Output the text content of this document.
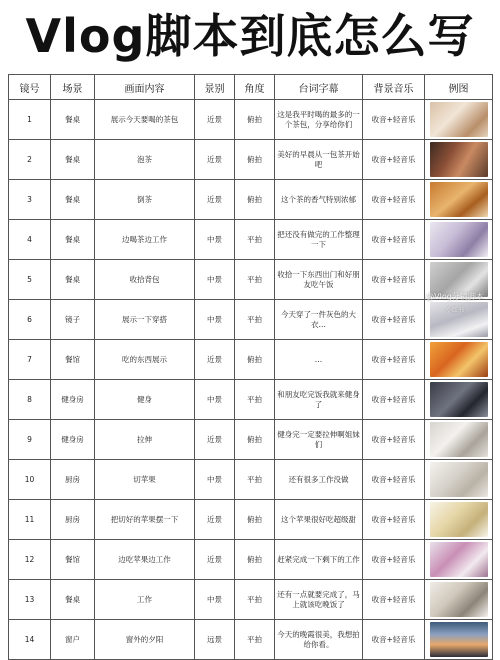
Vlog脚本到底怎么写
镜号	场景	画面内容	景别	角度	台词字幕	背景音乐	例图
1	餐桌	展示今天要喝的茶包	近景	俯拍	这是我平时喝的最多的一个茶包，分享给你们	收音+轻音乐	

2	餐桌	泡茶	近景	俯拍	美好的早晨从一包茶开始吧	收音+轻音乐	

3	餐桌	倒茶	近景	俯拍	这个茶的香气特别浓郁	收音+轻音乐	

4	餐桌	边喝茶边工作	中景	平拍	把还没有做完的工作整理一下	收音+轻音乐	

5	餐桌	收拾背包	中景	平拍	收拾一下东西出门和好朋友吃午饭	收音+轻音乐	

6	镜子	展示一下穿搭	中景	平拍	今天穿了一件灰色的大衣…	收音+轻音乐	

7	餐馆	吃的东西展示	近景	俯拍	…	收音+轻音乐	

8	健身房	健身	中景	平拍	和朋友吃完饭我就来健身了	收音+轻音乐	

9	健身房	拉伸	近景	俯拍	健身完一定要拉伸啊姐妹们	收音+轻音乐	

10	厨房	切苹果	中景	平拍	还有很多工作没做	收音+轻音乐	

11	厨房	把切好的苹果摆一下	近景	俯拍	这个苹果很好吃超级甜	收音+轻音乐	

12	餐馆	边吃苹果边工作	近景	俯拍	赶紧完成一下剩下的工作	收音+轻音乐	

13	餐桌	工作	中景	平拍	还有一点就要完成了，马上就该吃晚饭了	收音+轻音乐	

14	窗户	窗外的夕阳	远景	平拍	今天的晚霞很美，我想拍给你看。	收音+轻音乐	
@Vlog分镜脚本
小红书
